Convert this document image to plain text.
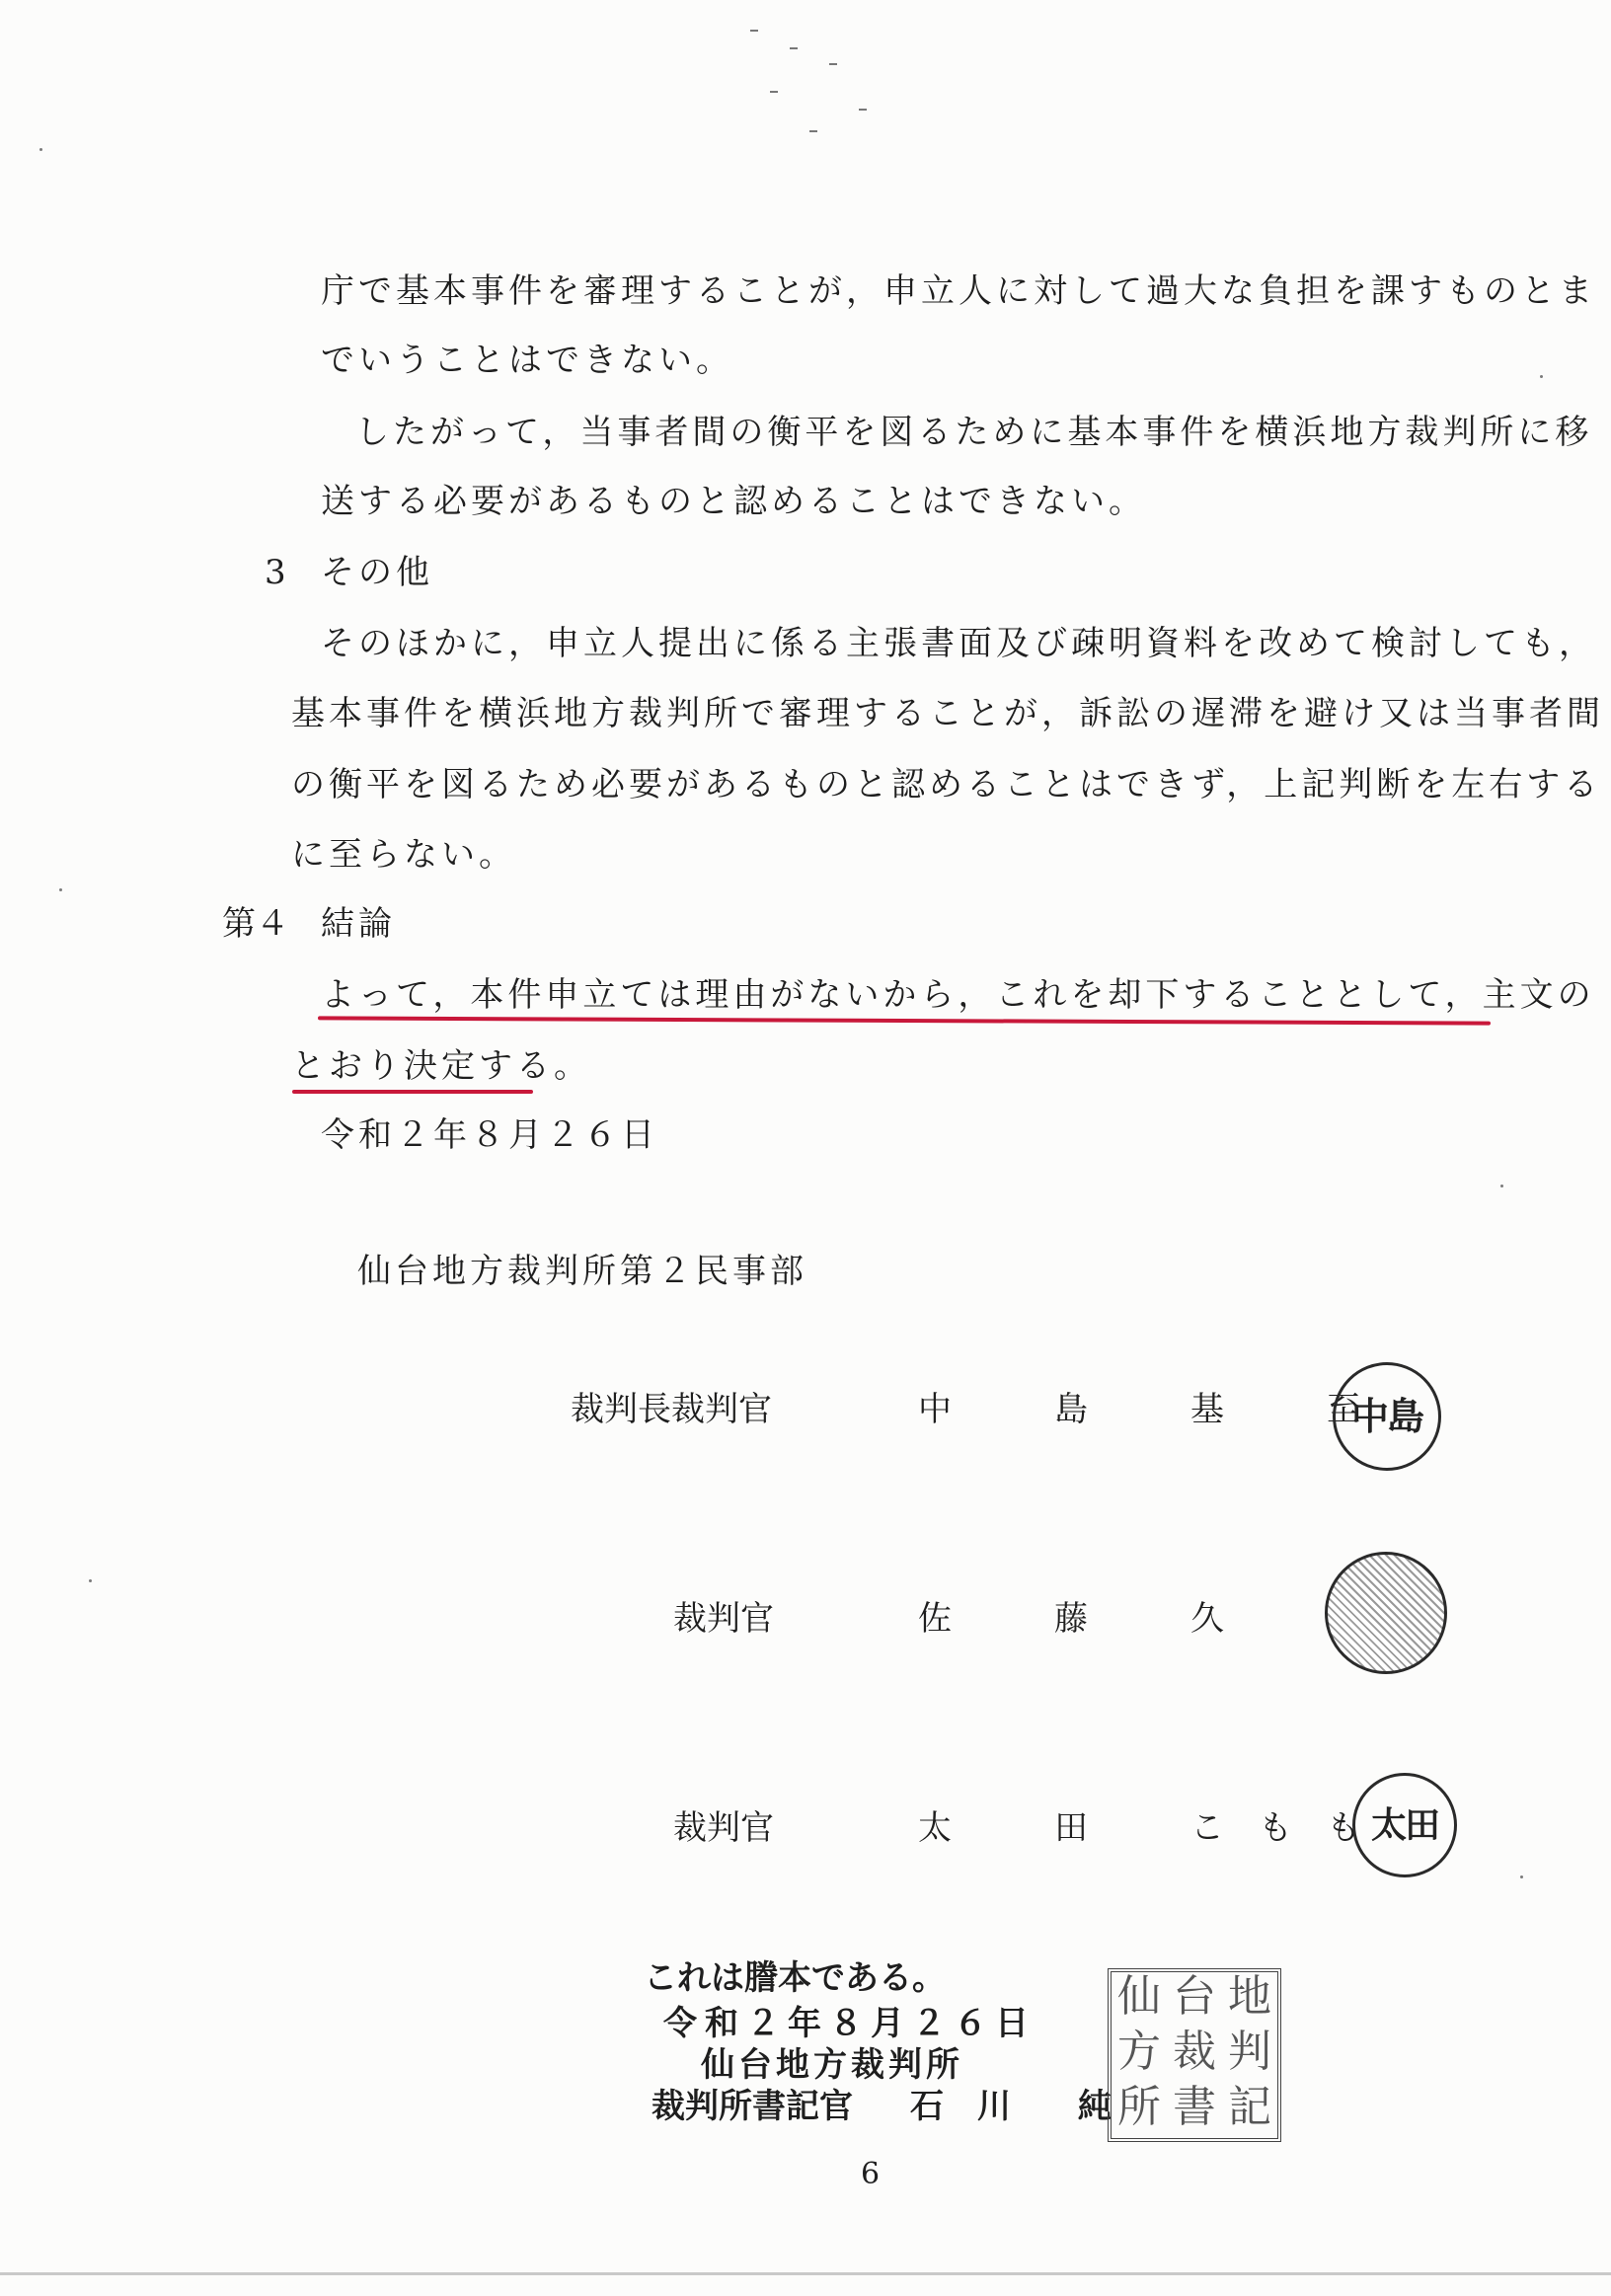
庁で基本事件を審理することが，申立人に対して過大な負担を課すものとま
でいうことはできない。
したがって，当事者間の衡平を図るために基本事件を横浜地方裁判所に移
送する必要があるものと認めることはできない。
3 その他
そのほかに，申立人提出に係る主張書面及び疎明資料を改めて検討しても，
基本事件を横浜地方裁判所で審理することが，訴訟の遅滞を避け又は当事者間
の衡平を図るため必要があるものと認めることはできず，上記判断を左右する
に至らない。
第４ 結論
よって，本件申立ては理由がないから，これを却下することとして，主文の
とおり決定する。
令和２年８月２６日
仙台地方裁判所第２民事部
裁判長裁判官	中	島	基	至
中島
裁判官	佐	藤	久
裁判官	太	田	こ も も 太田
これは謄本である。
令和２年８月２６日
仙台地方裁判所
裁判所書記官 石　川　　純
仙 台 地
方 裁 判
所 書 記
6
